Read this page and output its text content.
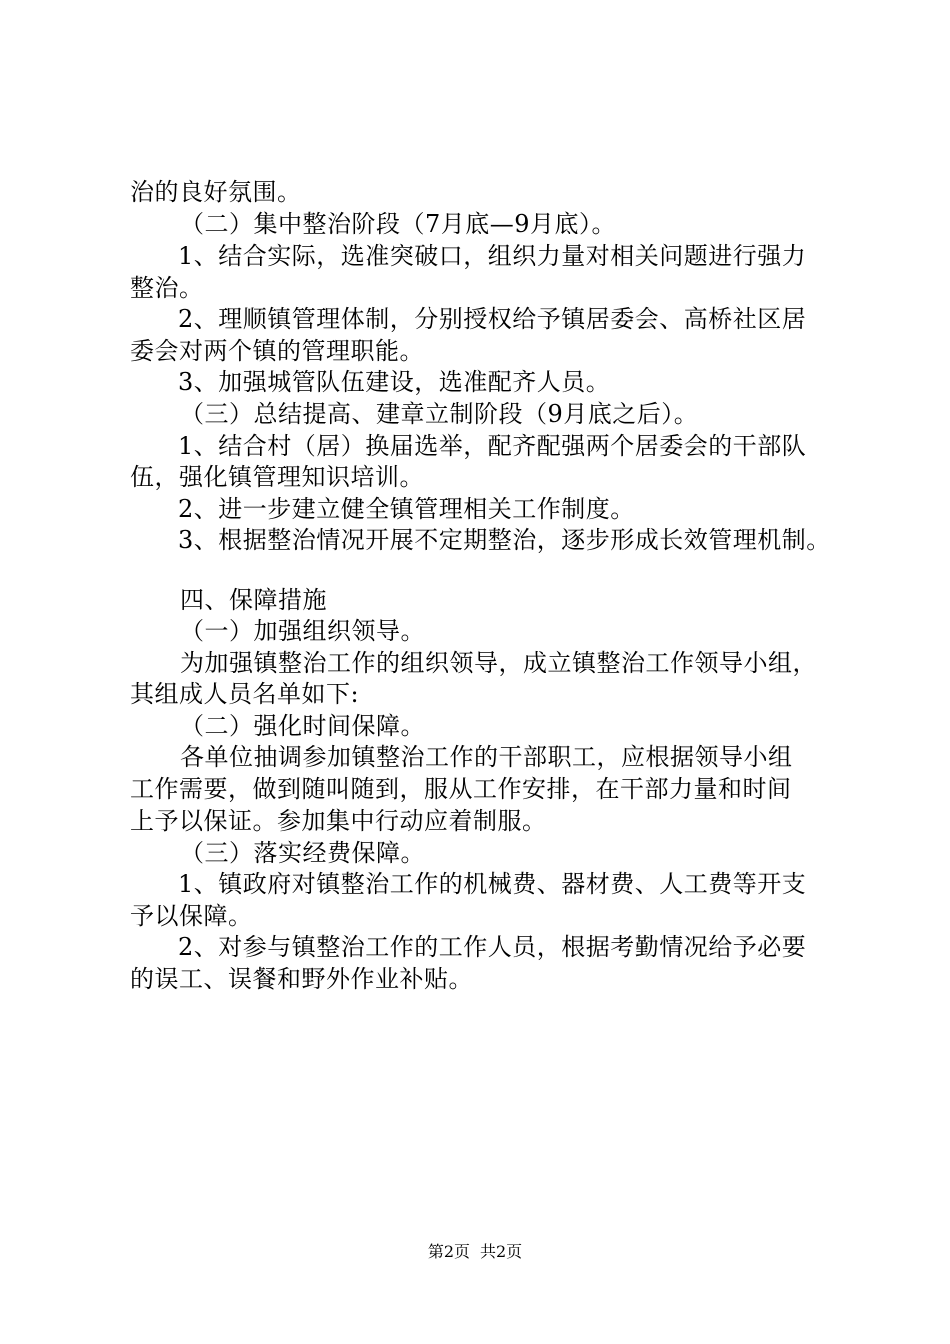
治的良好氛围。
（二）集中整治阶段（7月底—9月底）。
1、结合实际，选准突破口，组织力量对相关问题进行强力
整治。
2、理顺镇管理体制，分别授权给予镇居委会、高桥社区居
委会对两个镇的管理职能。
3、加强城管队伍建设，选准配齐人员。
（三）总结提高、建章立制阶段（9月底之后）。
1、结合村（居）换届选举，配齐配强两个居委会的干部队
伍，强化镇管理知识培训。
2、进一步建立健全镇管理相关工作制度。
3、根据整治情况开展不定期整治，逐步形成长效管理机制。
四、保障措施
（一）加强组织领导。
为加强镇整治工作的组织领导，成立镇整治工作领导小组，
其组成人员名单如下:
（二）强化时间保障。
各单位抽调参加镇整治工作的干部职工，应根据领导小组
工作需要，做到随叫随到，服从工作安排，在干部力量和时间
上予以保证。参加集中行动应着制服。
（三）落实经费保障。
1、镇政府对镇整治工作的机械费、器材费、人工费等开支
予以保障。
2、对参与镇整治工作的工作人员，根据考勤情况给予必要
的误工、误餐和野外作业补贴。
第2页 共2页
